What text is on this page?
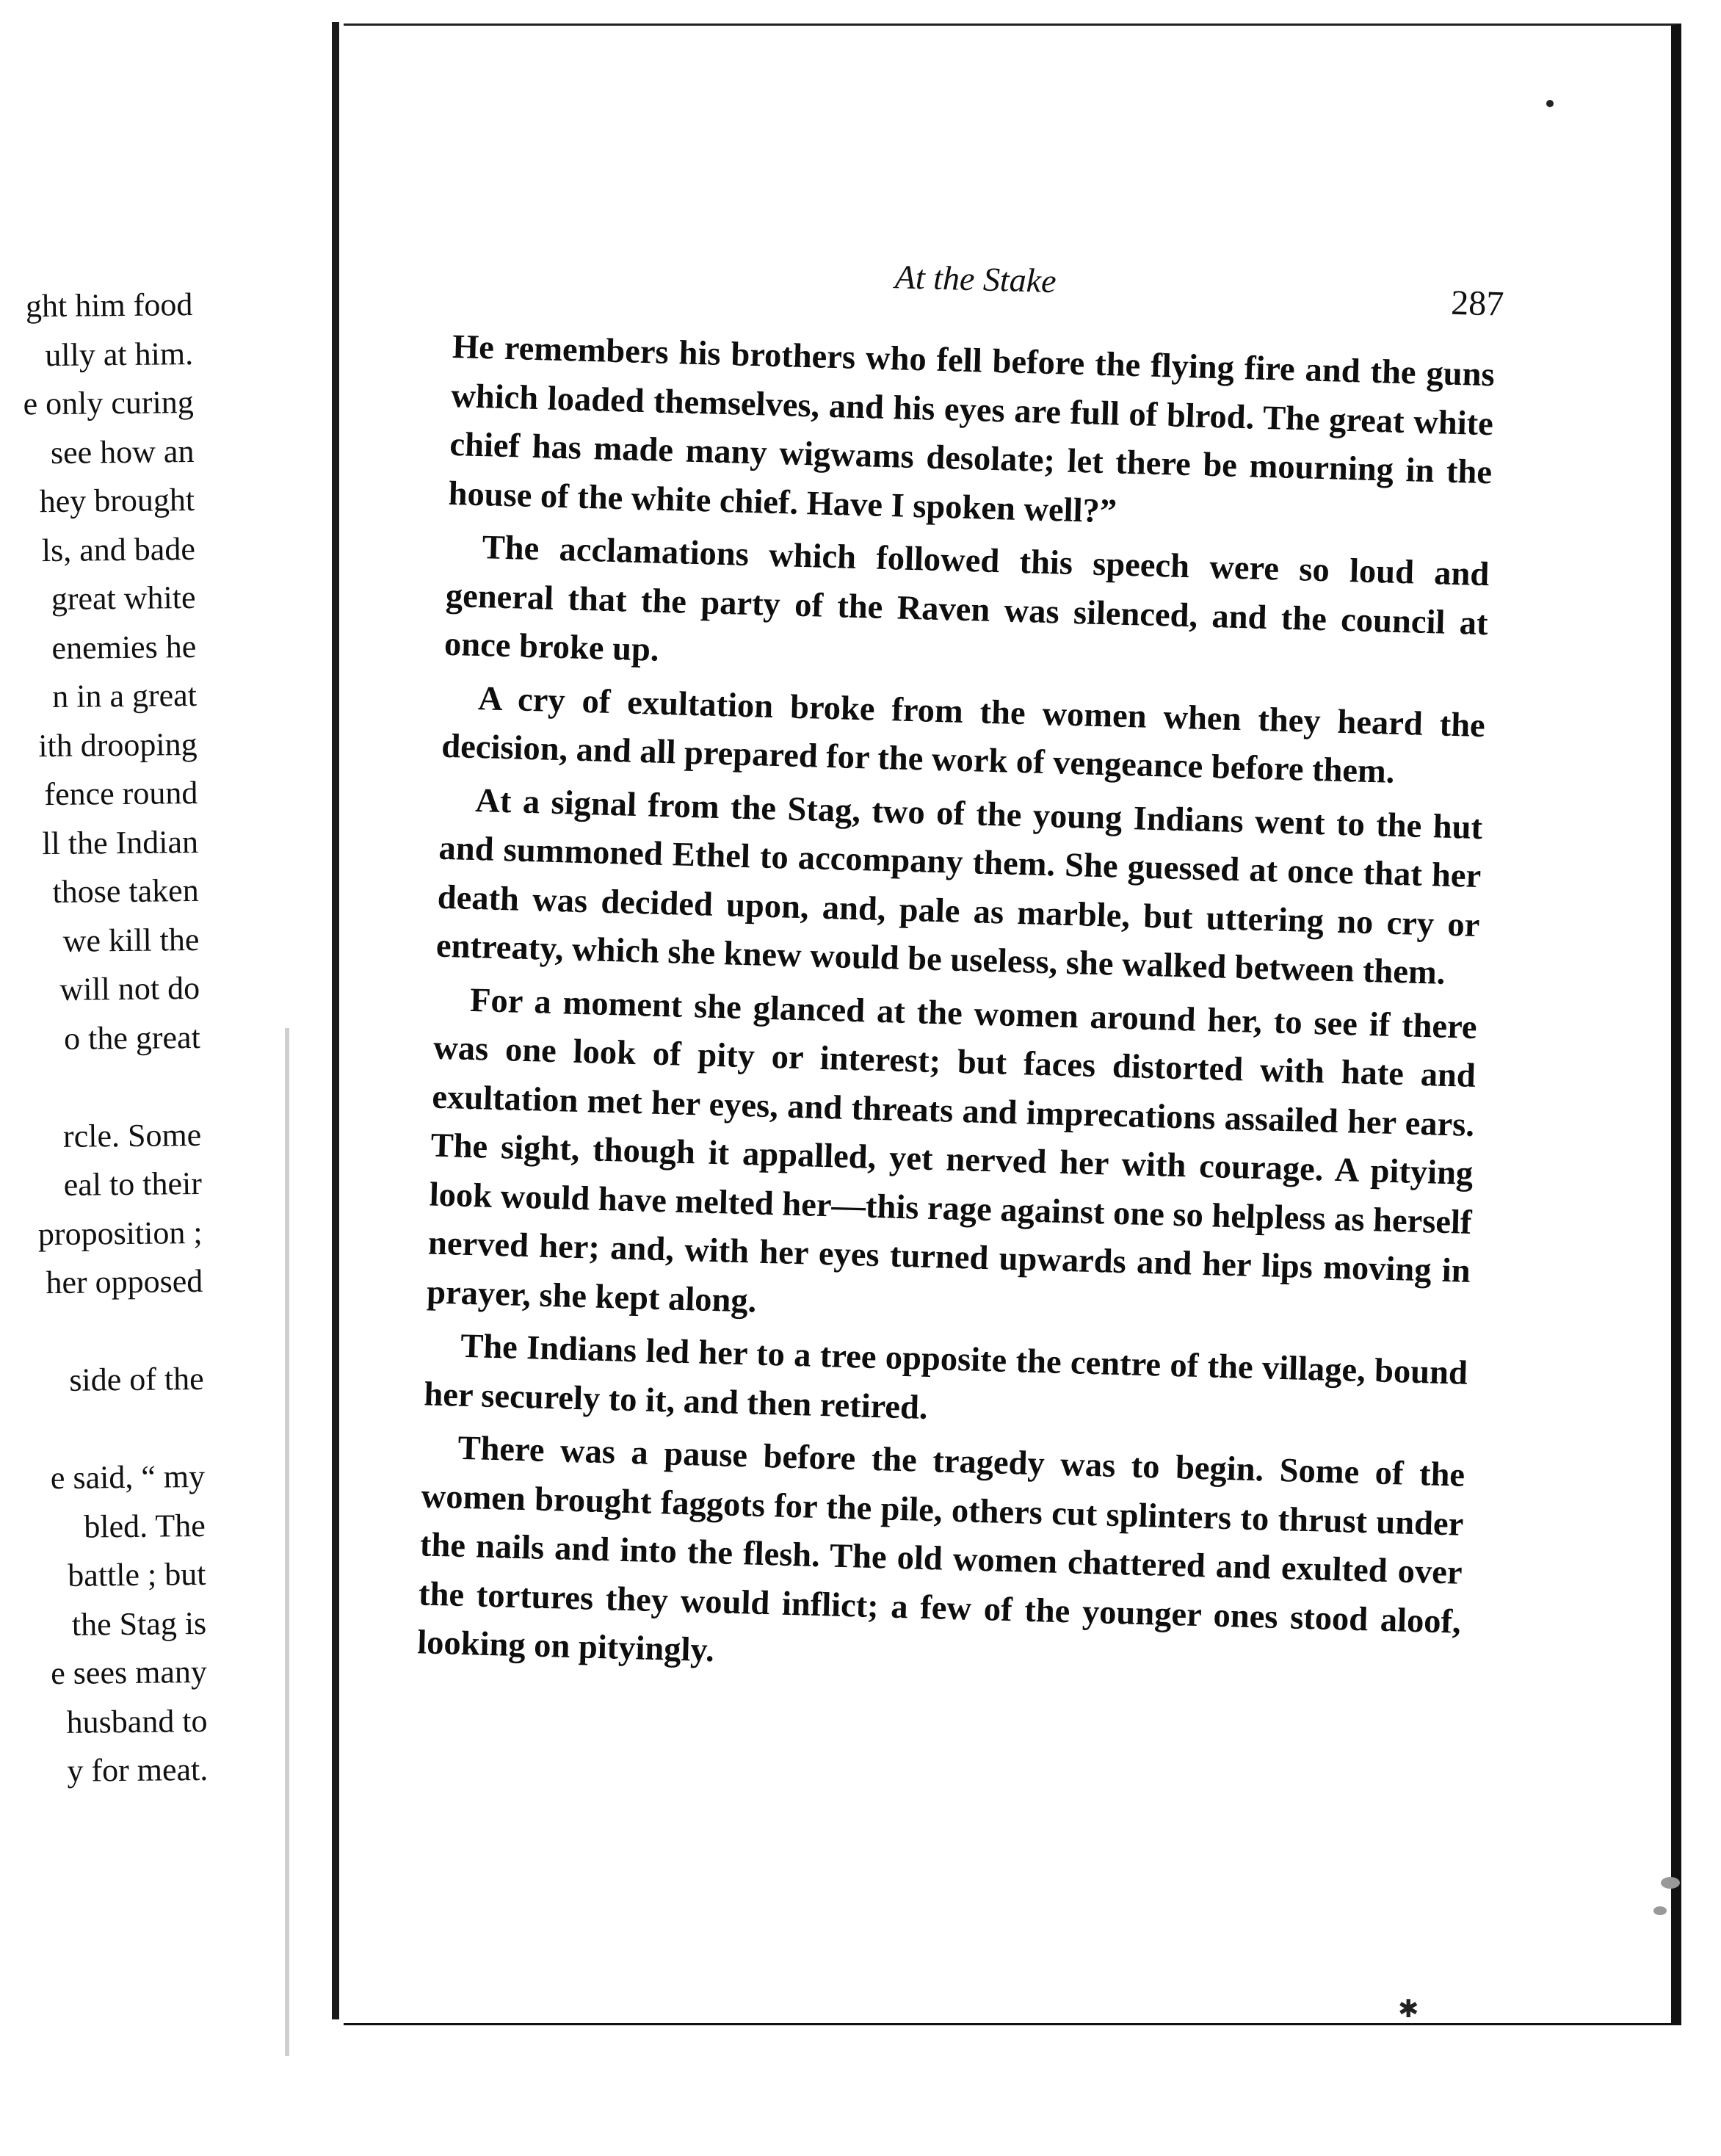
ght him food
ully at him.
e only curing
see how an
hey brought
ls, and bade
great white
enemies he
n in a great
ith drooping
fence round
ll the Indian
those taken
we kill the
will not do
o the great
rcle. Some
eal to their
proposition ;
her opposed
side of the
e said, “ my
bled. The
battle ; but
the Stag is
e sees many
husband to
y for meat.
✱
At the Stake
287

He remembers his brothers who fell before the flying fire and the guns which loaded themselves, and his eyes are full of blrod. The great white chief has made many wigwams desolate; let there be mourning in the house of the white chief. Have I spoken well?”

The acclamations which followed this speech were so loud and general that the party of the Raven was silenced, and the council at once broke up.

A cry of exultation broke from the women when they heard the decision, and all prepared for the work of vengeance before them.

At a signal from the Stag, two of the young Indians went to the hut and summoned Ethel to accompany them. She guessed at once that her death was decided upon, and, pale as marble, but uttering no cry or entreaty, which she knew would be useless, she walked between them.

For a moment she glanced at the women around her, to see if there was one look of pity or interest; but faces distorted with hate and exultation met her eyes, and threats and imprecations assailed her ears. The sight, though it appalled, yet nerved her with courage. A pitying look would have melted her—this rage against one so helpless as herself nerved her; and, with her eyes turned upwards and her lips moving in prayer, she kept along.

The Indians led her to a tree opposite the centre of the village, bound her securely to it, and then retired.

There was a pause before the tragedy was to begin. Some of the women brought faggots for the pile, others cut splinters to thrust under the nails and into the flesh. The old women chattered and exulted over the tortures they would inflict; a few of the younger ones stood aloof, looking on pityingly.
